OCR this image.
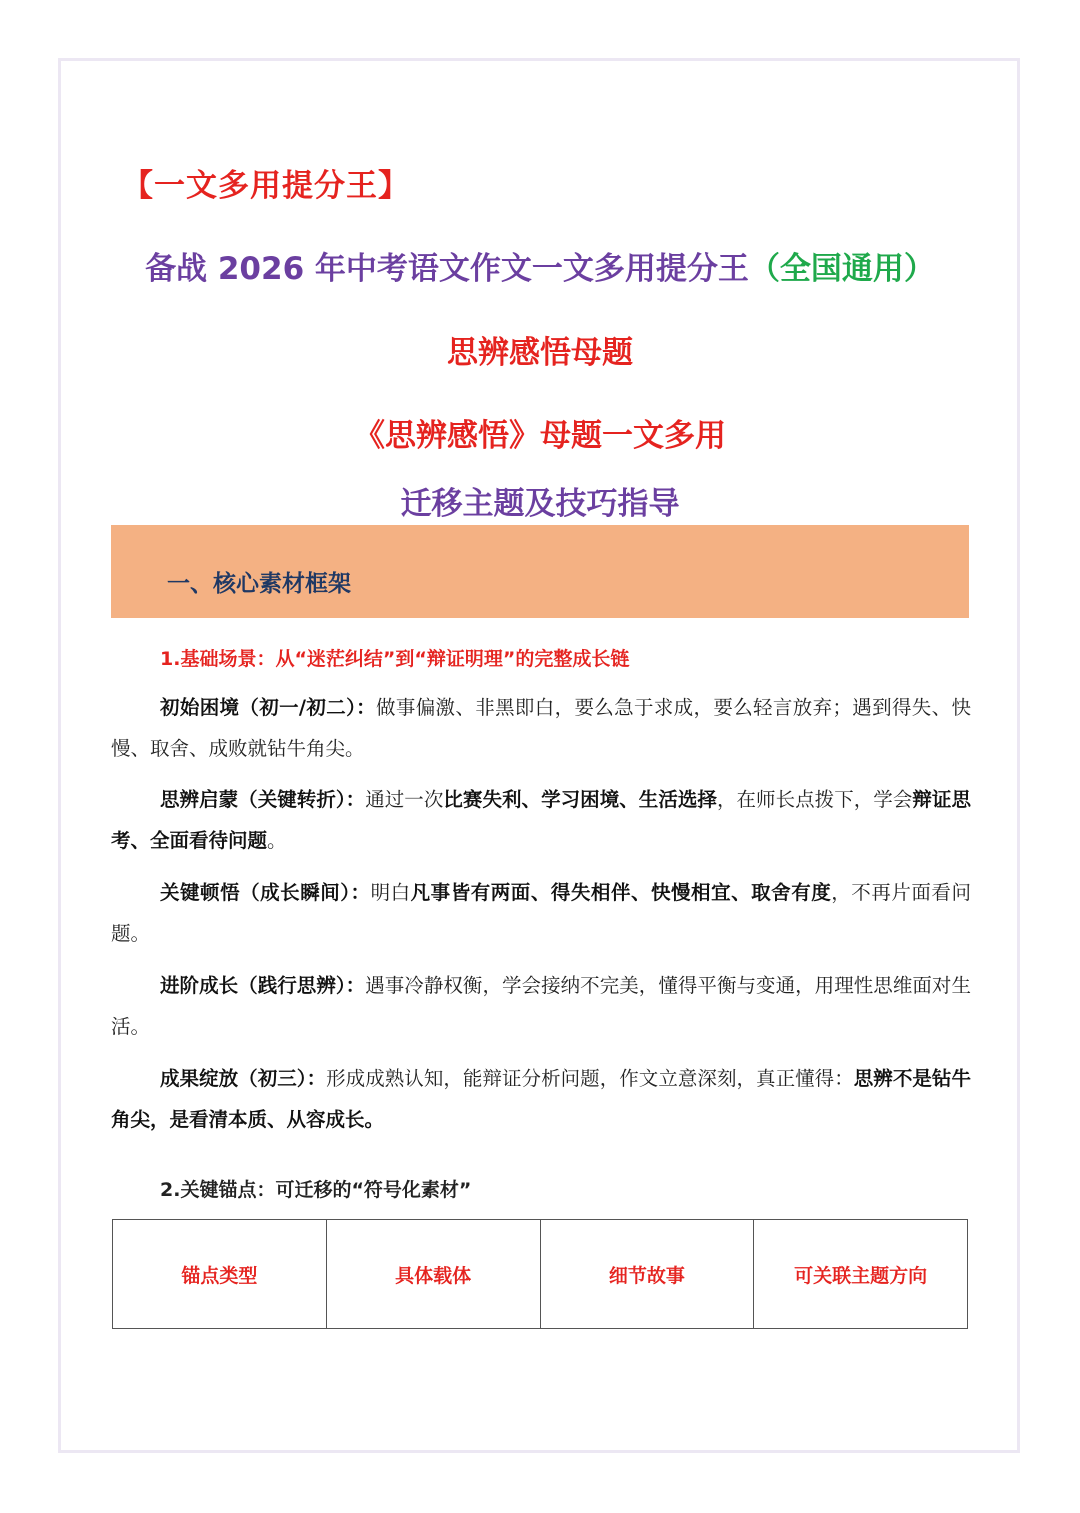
【一文多用提分王】
备战 2026 年中考语文作文一文多用提分王（全国通用）
思辨感悟母题
《思辨感悟》母题一文多用
迁移主题及技巧指导
一、核心素材框架
1.基础场景：从“迷茫纠结”到“辩证明理”的完整成长链
初始困境（初一/初二）：做事偏激、非黑即白，要么急于求成，要么轻言放弃；遇到得失、快慢、取舍、成败就钻牛角尖。
思辨启蒙（关键转折）：通过一次比赛失利、学习困境、生活选择，在师长点拨下，学会辩证思考、全面看待问题。
关键顿悟（成长瞬间）：明白凡事皆有两面、得失相伴、快慢相宜、取舍有度，不再片面看问题。
进阶成长（践行思辨）：遇事冷静权衡，学会接纳不完美，懂得平衡与变通，用理性思维面对生活。
成果绽放（初三）：形成成熟认知，能辩证分析问题，作文立意深刻，真正懂得：思辨不是钻牛角尖，是看清本质、从容成长。
2.关键锚点：可迁移的“符号化素材”
锚点类型	具体载体	细节故事	可关联主题方向
